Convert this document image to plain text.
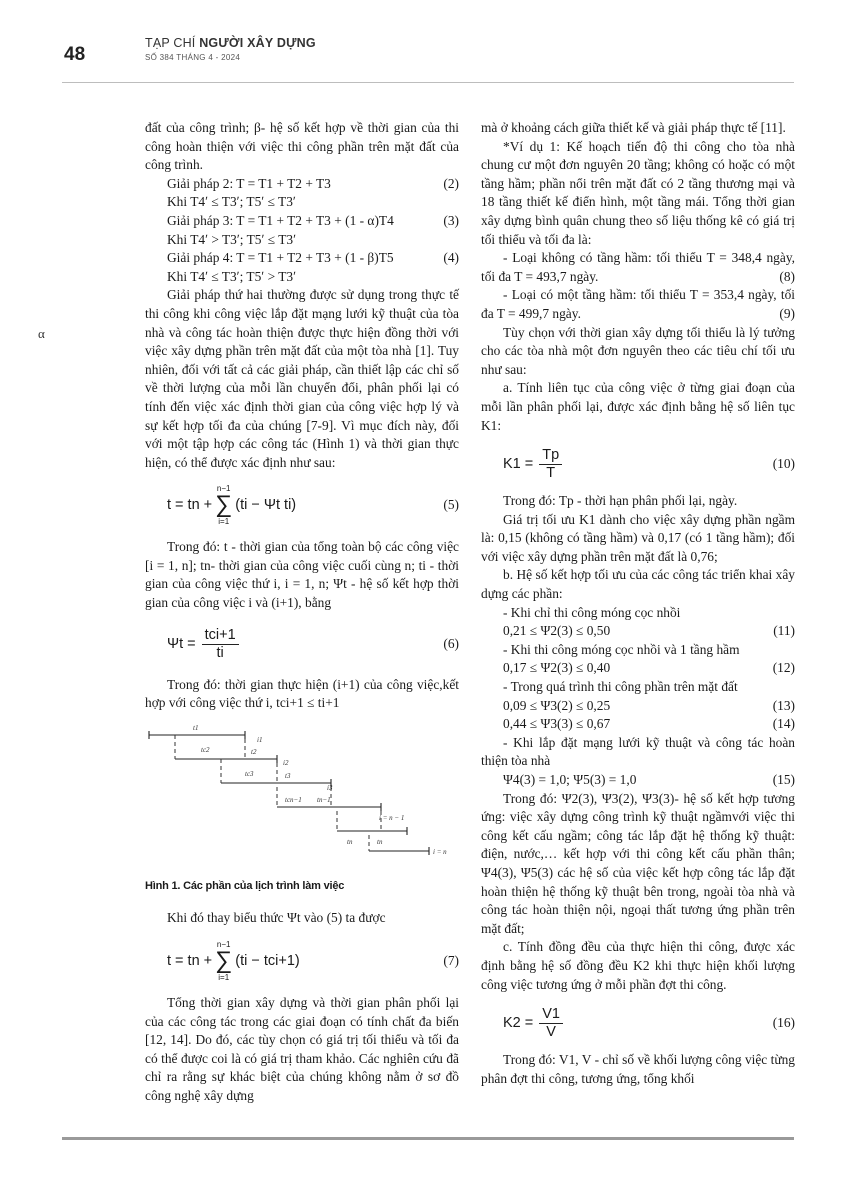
48
TẠP CHÍ NGƯỜI XÂY DỰNG
SỐ 384 THÁNG 4 - 2024
α

đất của công trình; β- hệ số kết hợp về thời gian của thi công hoàn thiện với việc thi công phần trên mặt đất của công trình.

Giải pháp 2: T = T1 + T2 + T3	(2)

Khi T4ʹ ≤ T3ʹ; T5ʹ ≤ T3ʹ

Giải pháp 3: T = T1 + T2 + T3 + (1 - α)T4	(3)

Khi T4ʹ > T3ʹ; T5ʹ ≤ T3ʹ

Giải pháp 4: T = T1 + T2 + T3 + (1 - β)T5	(4)

Khi T4ʹ ≤ T3ʹ; T5ʹ > T3ʹ

Giải pháp thứ hai thường được sử dụng trong thực tế thi công khi công việc lắp đặt mạng lưới kỹ thuật của tòa nhà và công tác hoàn thiện được thực hiện đồng thời với việc xây dựng phần trên mặt đất của một tòa nhà [1]. Tuy nhiên, đối với tất cả các giải pháp, cần thiết lập các chỉ số về thời lượng của mỗi lần chuyển đổi, phân phối lại có tính đến việc xác định thời gian của công việc hợp lý và sự kết hợp tối đa của chúng [7-9]. Vì mục đích này, đối với một tập hợp các công tác (Hình 1) và thời gian thực hiện, có thể được xác định như sau:

t = tn +
n−1
∑
i=1
(ti − Ψt ti)	(5)

Trong đó: t - thời gian của tổng toàn bộ các công việc [i = 1, n]; tn- thời gian của công việc cuối cùng n; ti - thời gian của công việc thứ i, i = 1, n; Ψt - hệ số kết hợp thời gian của công việc i và (i+1), bằng

$\Psi t = \frac{\text{tci+1}}{ti}$	(6)

Trong đó: thời gian thực hiện (i+1) của công việc,kết hợp với công việc thứ i, tci+1 ≤ ti+1

t1
i1
tc2	t2
i2
tc3	t3
i3
tcn−1 tn−1
i = n − 1
tn	tn
i = n
Hình 1. Các phần của lịch trình làm việc

Khi đó thay biểu thức Ψt vào (5) ta được

t = tn +
n−1
∑
i=1
(ti − tci+1)	(7)

Tổng thời gian xây dựng và thời gian phân phối lại của các công tác trong các giai đoạn có tính chất đa biến [12, 14]. Do đó, các tùy chọn có giá trị tối thiểu và tối đa có thể được coi là có giá trị tham khảo. Các nghiên cứu đã chỉ ra rằng sự khác biệt của chúng không nằm ở sơ đồ công nghệ xây dựng

mà ở khoảng cách giữa thiết kế và giải pháp thực tế [11].

*Ví dụ 1: Kế hoạch tiến độ thi công cho tòa nhà chung cư một đơn nguyên 20 tầng; không có hoặc có một tầng hầm; phần nổi trên mặt đất có 2 tầng thương mại và 18 tầng thiết kế điển hình, một tầng mái. Tổng thời gian xây dựng bình quân chung theo số liệu thống kê có giá trị tối thiểu và tối đa là:

- Loại không có tầng hầm: tối thiểu T = 348,4 ngày, tối đa T = 493,7 ngày.	(8)

- Loại có một tầng hầm: tối thiểu T = 353,4 ngày, tối đa T = 499,7 ngày.	(9)

Tùy chọn với thời gian xây dựng tối thiểu là lý tưởng cho các tòa nhà một đơn nguyên theo các tiêu chí tối ưu như sau:

a. Tính liên tục của công việc ở từng giai đoạn của mỗi lần phân phối lại, được xác định bằng hệ số liên tục K1:

$K1 = \frac{Tp}{T}$	(10)

Trong đó: Tp - thời hạn phân phối lại, ngày.

Giá trị tối ưu K1 dành cho việc xây dựng phần ngầm là: 0,15 (không có tầng hầm) và 0,17 (có 1 tầng hầm); đối với việc xây dựng phần trên mặt đất là 0,76;

b. Hệ số kết hợp tối ưu của các công tác triển khai xây dựng các phần:

- Khi chỉ thi công móng cọc nhồi

0,21 ≤ Ψ2(3) ≤ 0,50	(11)

- Khi thi công móng cọc nhồi và 1 tầng hầm

0,17 ≤ Ψ2(3) ≤ 0,40	(12)

- Trong quá trình thi công phần trên mặt đất

0,09 ≤ Ψ3(2) ≤ 0,25	(13)
0,44 ≤ Ψ3(3) ≤ 0,67	(14)

- Khi lắp đặt mạng lưới kỹ thuật và công tác hoàn thiện tòa nhà

Ψ4(3) = 1,0; Ψ5(3) = 1,0	(15)

Trong đó: Ψ2(3), Ψ3(2), Ψ3(3)- hệ số kết hợp tương ứng: việc xây dựng công trình kỹ thuật ngầmvới việc thi công kết cấu ngầm; công tác lắp đặt hệ thống kỹ thuật: điện, nước,… kết hợp với thi công kết cấu phần thân; Ψ4(3), Ψ5(3) các hệ số của việc kết hợp công tác lắp đặt hoàn thiện hệ thống kỹ thuật bên trong, ngoài tòa nhà và công tác hoàn thiện nội, ngoại thất tương ứng phần trên mặt đất;

c. Tính đồng đều của thực hiện thi công, được xác định bằng hệ số đồng đều K2 khi thực hiện khối lượng công việc tương ứng ở mỗi phần đợt thi công.

$K2 = \frac{V1}{V}$	(16)

Trong đó: V1, V - chỉ số về khối lượng công việc từng phân đợt thi công, tương ứng, tổng khối
